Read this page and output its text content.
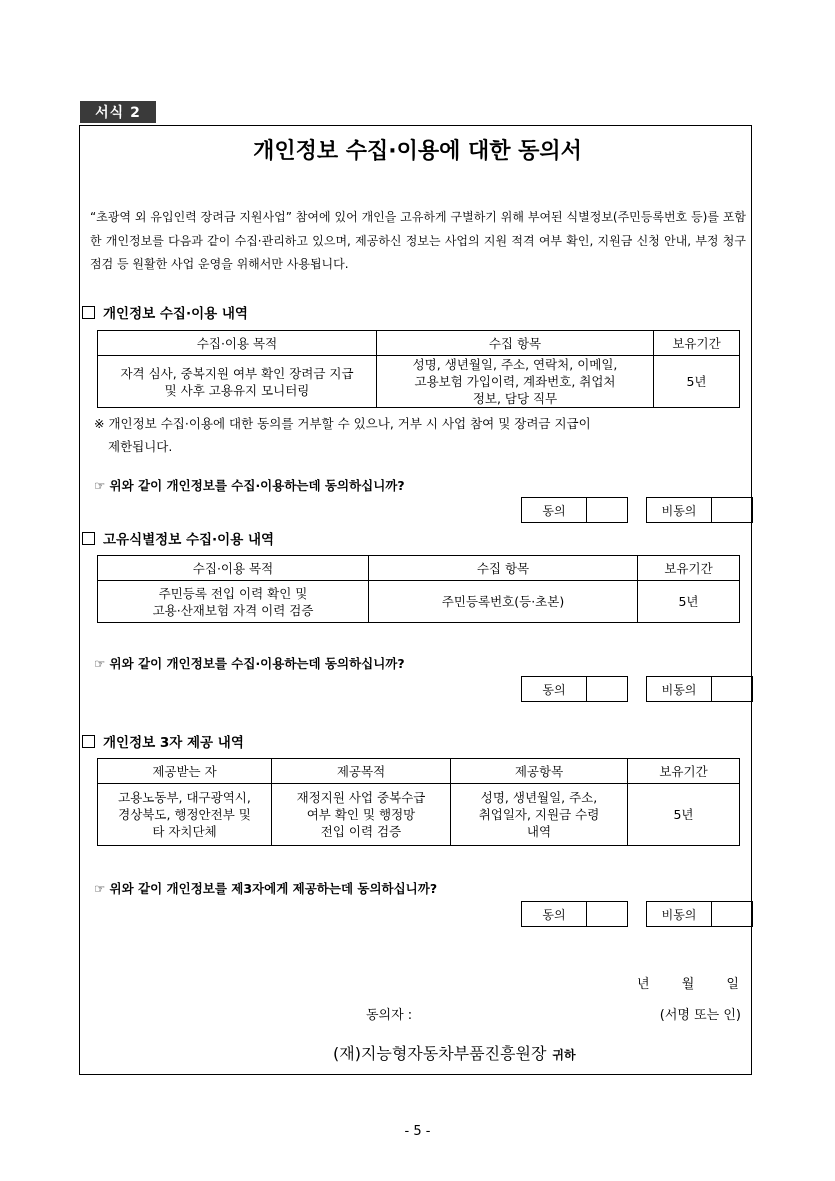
서식 2
개인정보 수집·이용에 대한 동의서
“초광역 외 유입인력 장려금 지원사업” 참여에 있어 개인을 고유하게 구별하기 위해 부여된 식별정보(주민등록번호 등)를 포함한 개인정보를 다음과 같이 수집·관리하고 있으며, 제공하신 정보는 사업의 지원 적격 여부 확인, 지원금 신청 안내, 부정 청구 점검 등 원활한 사업 운영을 위해서만 사용됩니다.
개인정보 수집·이용 내역
수집·이용 목적	수집 항목	보유기간
자격 심사, 중복지원 여부 확인 장려금 지급
및 사후 고용유지 모니터링	성명, 생년월일, 주소, 연락처, 이메일,
고용보험 가입이력, 계좌번호, 취업처
정보, 담당 직무	5년
※ 개인정보 수집·이용에 대한 동의를 거부할 수 있으나, 거부 시 사업 참여 및 장려금 지급이
제한됩니다.
☞ 위와 같이 개인정보를 수집·이용하는데 동의하십니까?
동의	비동의
고유식별정보 수집·이용 내역
수집·이용 목적	수집 항목	보유기간
주민등록 전입 이력 확인 및
고용·산재보험 자격 이력 검증	주민등록번호(등·초본)	5년
☞ 위와 같이 개인정보를 수집·이용하는데 동의하십니까?
동의	비동의
개인정보 3자 제공 내역
제공받는 자	제공목적	제공항목	보유기간
고용노동부, 대구광역시,
경상북도, 행정안전부 및
타 자치단체	재정지원 사업 중복수급
여부 확인 및 행정망
전입 이력 검증	성명, 생년월일, 주소,
취업일자, 지원금 수령
내역	5년
☞ 위와 같이 개인정보를 제3자에게 제공하는데 동의하십니까?
동의	비동의
년 월 일
동의자 :	(서명 또는 인)
(재)지능형자동차부품진흥원장 귀하
- 5 -
